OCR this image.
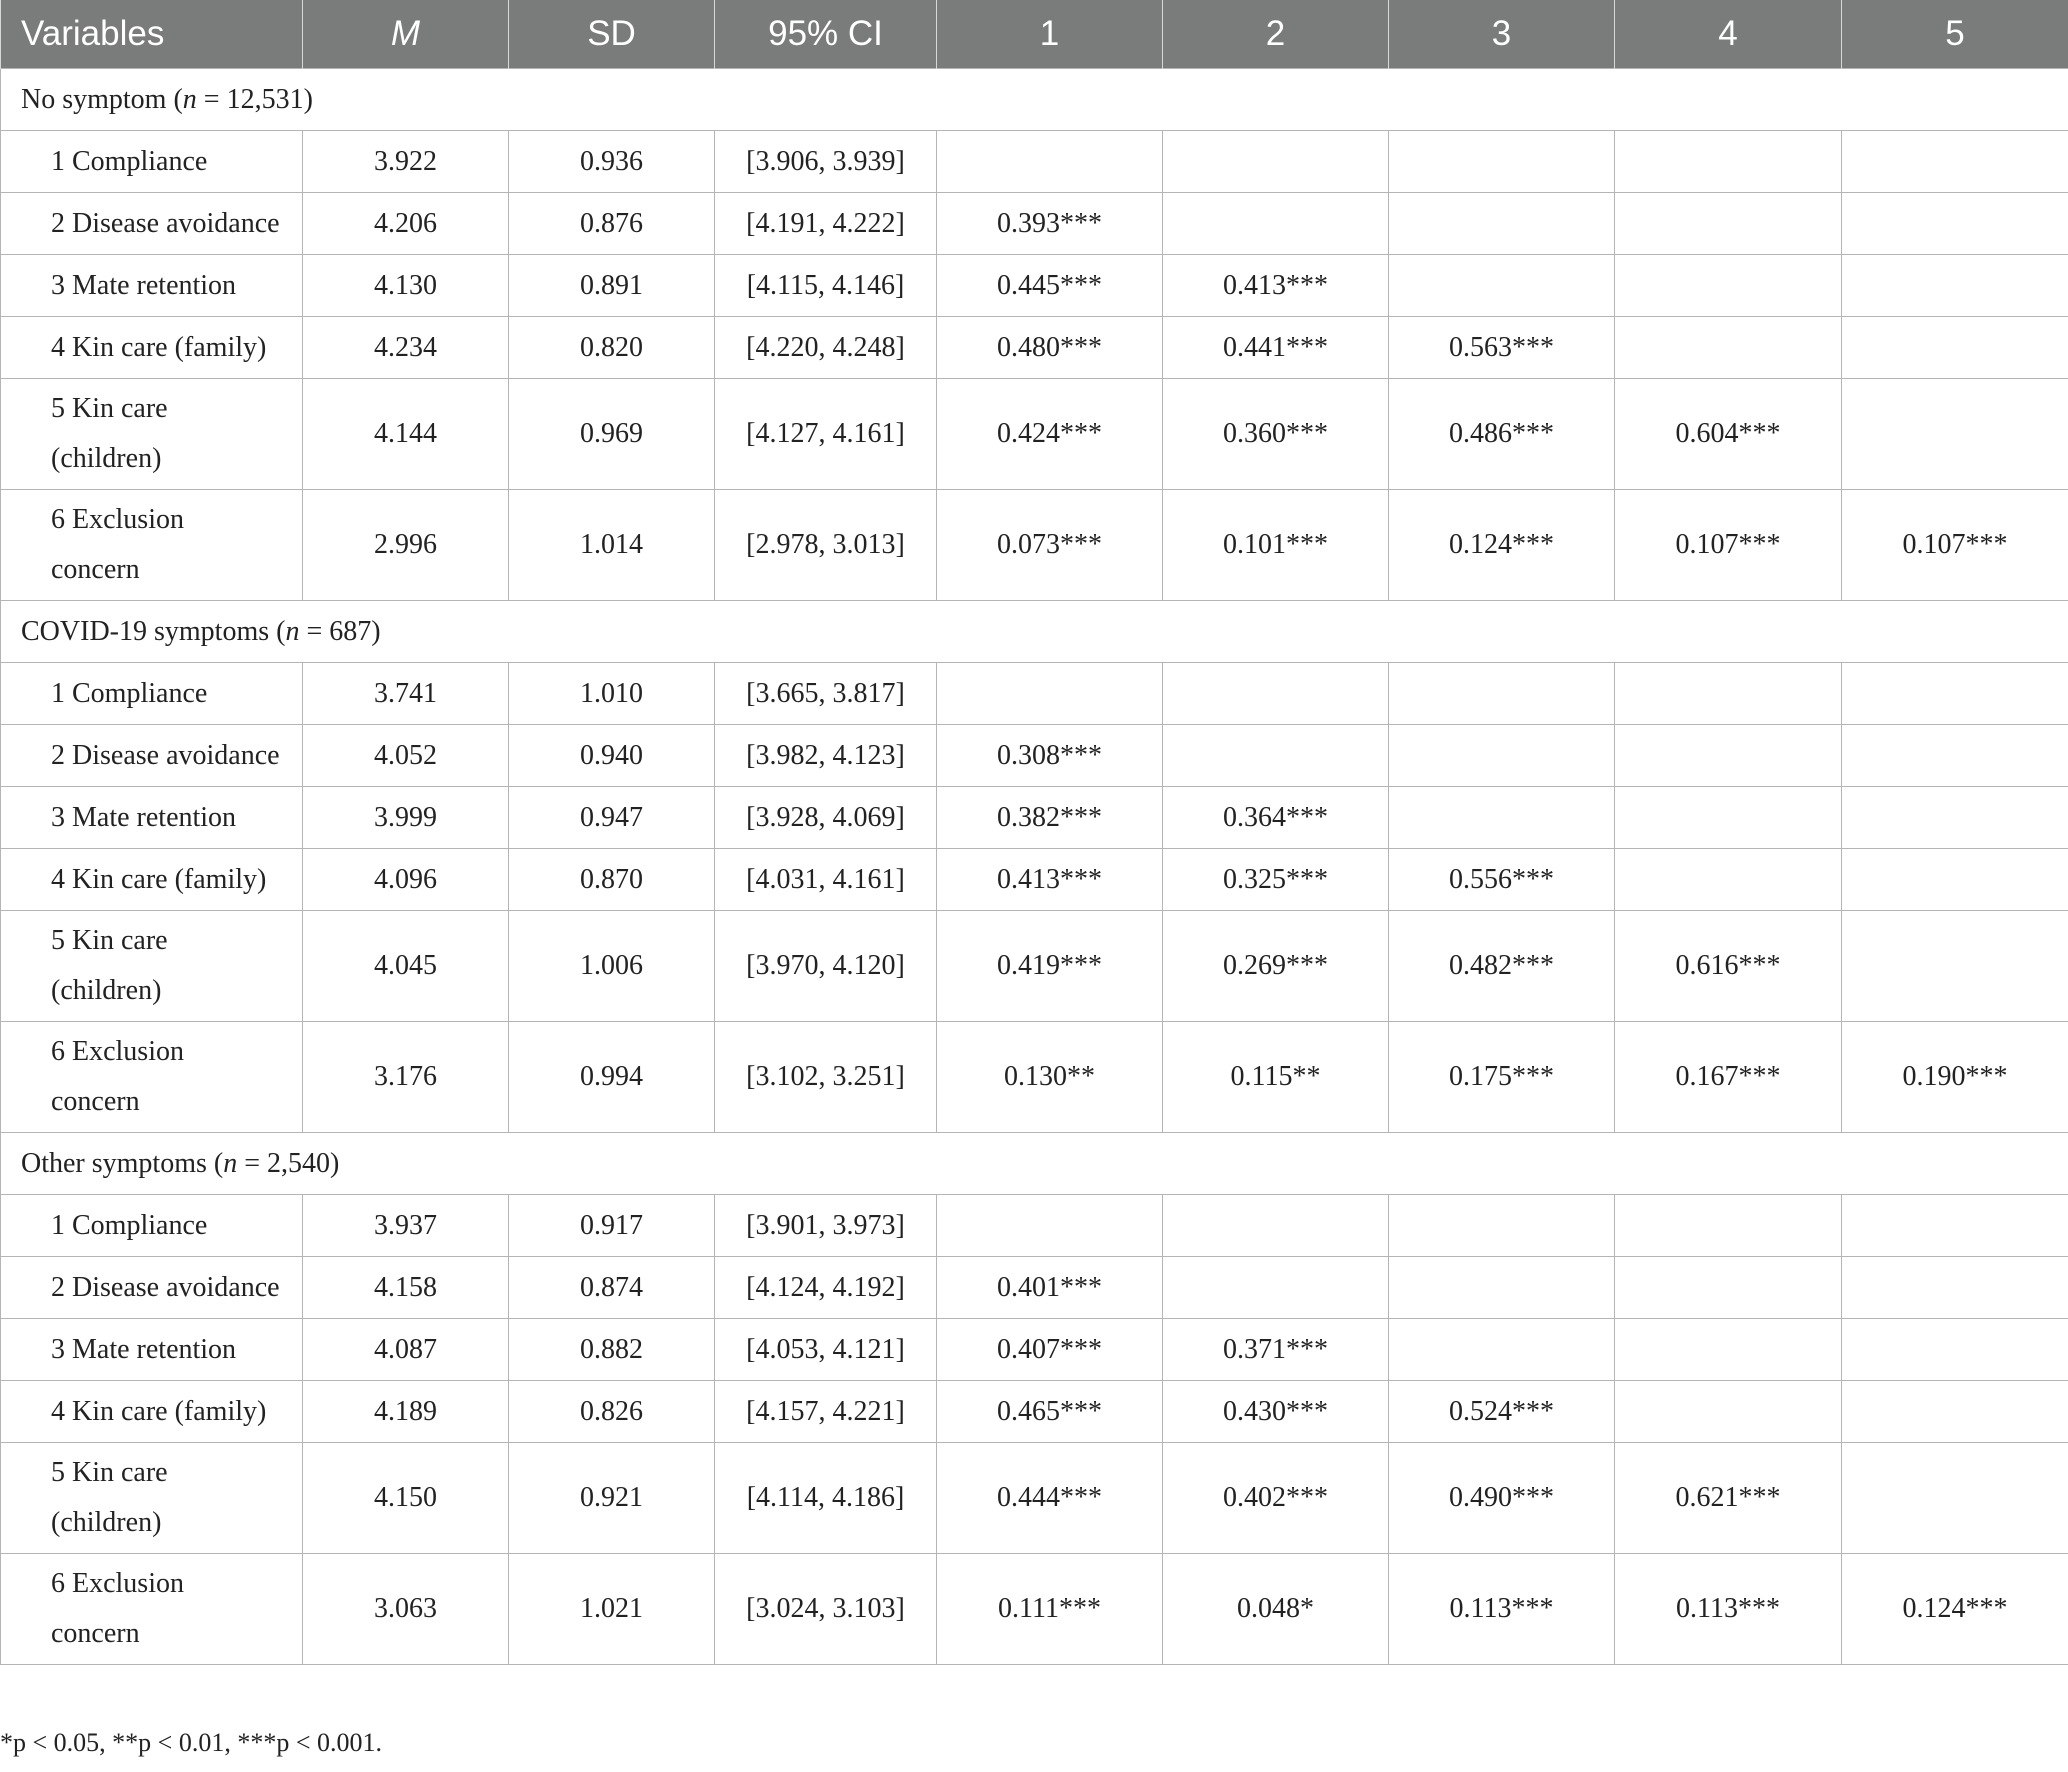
Variables	M	SD	95% CI	1	2	3	4	5
No symptom (n = 12,531)								
1 Compliance	3.922	0.936	[3.906, 3.939]					
2 Disease avoidance	4.206	0.876	[4.191, 4.222]	0.393***				
3 Mate retention	4.130	0.891	[4.115, 4.146]	0.445***	0.413***			
4 Kin care (family)	4.234	0.820	[4.220, 4.248]	0.480***	0.441***	0.563***		

5 Kin care
(children)	4.144	0.969	[4.127, 4.161]	0.424***	0.360***	0.486***	0.604***	

6 Exclusion
concern	2.996	1.014	[2.978, 3.013]	0.073***	0.101***	0.124***	0.107***	0.107***
COVID-19 symptoms (n = 687)								
1 Compliance	3.741	1.010	[3.665, 3.817]					
2 Disease avoidance	4.052	0.940	[3.982, 4.123]	0.308***				
3 Mate retention	3.999	0.947	[3.928, 4.069]	0.382***	0.364***			
4 Kin care (family)	4.096	0.870	[4.031, 4.161]	0.413***	0.325***	0.556***		

5 Kin care
(children)	4.045	1.006	[3.970, 4.120]	0.419***	0.269***	0.482***	0.616***	

6 Exclusion
concern	3.176	0.994	[3.102, 3.251]	0.130**	0.115**	0.175***	0.167***	0.190***
Other symptoms (n = 2,540)								
1 Compliance	3.937	0.917	[3.901, 3.973]					
2 Disease avoidance	4.158	0.874	[4.124, 4.192]	0.401***				
3 Mate retention	4.087	0.882	[4.053, 4.121]	0.407***	0.371***			
4 Kin care (family)	4.189	0.826	[4.157, 4.221]	0.465***	0.430***	0.524***		

5 Kin care
(children)	4.150	0.921	[4.114, 4.186]	0.444***	0.402***	0.490***	0.621***	

6 Exclusion
concern	3.063	1.021	[3.024, 3.103]	0.111***	0.048*	0.113***	0.113***	0.124***
*p < 0.05, **p < 0.01, ***p < 0.001.
